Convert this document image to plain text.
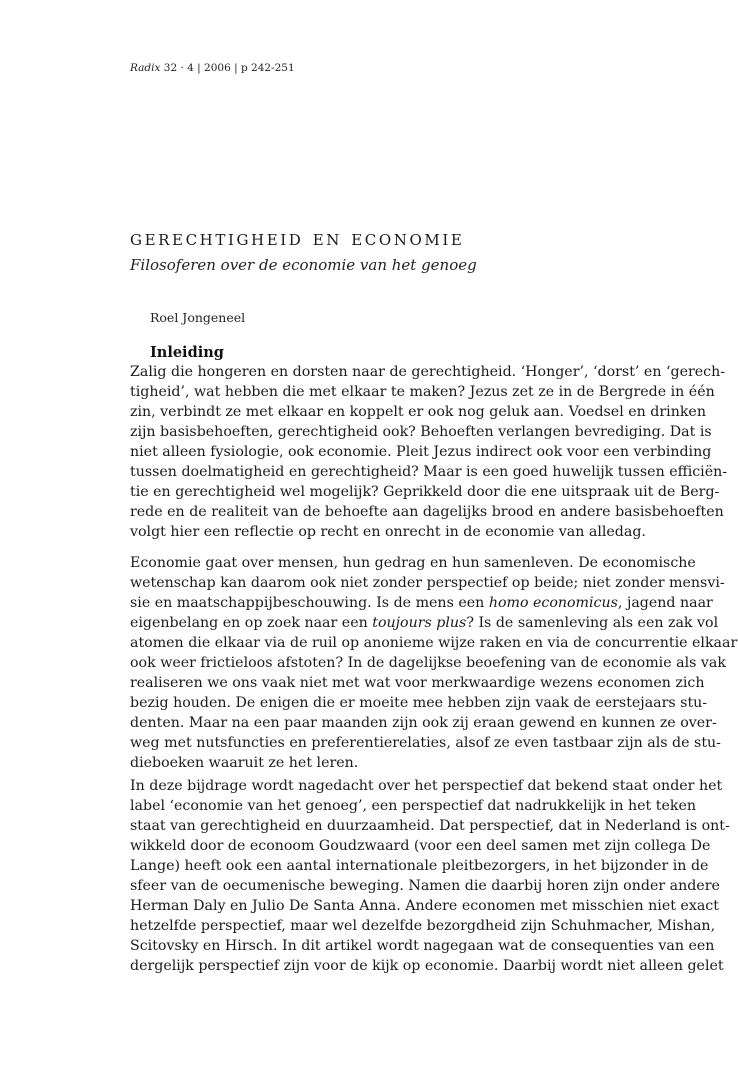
Radix 32 · 4 | 2006 | p 242-251
gerechtigheid en economie
Filosoferen over de economie van het genoeg
Roel Jongeneel
Inleiding
Zalig die hongeren en dorsten naar de gerechtigheid. ‘Honger’, ‘dorst’ en ‘gerech-
tigheid’, wat hebben die met elkaar te maken? Jezus zet ze in de Bergrede in één
zin, verbindt ze met elkaar en koppelt er ook nog geluk aan. Voedsel en drinken
zijn basisbehoeften, gerechtigheid ook? Behoeften verlangen bevrediging. Dat is
niet alleen fysiologie, ook economie. Pleit Jezus indirect ook voor een verbinding
tussen doelmatigheid en gerechtigheid? Maar is een goed huwelijk tussen efficiën-
tie en gerechtigheid wel mogelijk? Geprikkeld door die ene uitspraak uit de Berg-
rede en de realiteit van de behoefte aan dagelijks brood en andere basisbehoeften
volgt hier een reflectie op recht en onrecht in de economie van alledag.
Economie gaat over mensen, hun gedrag en hun samenleven. De economische
wetenschap kan daarom ook niet zonder perspectief op beide; niet zonder mensvi-
sie en maatschappijbeschouwing. Is de mens een homo economicus, jagend naar
eigenbelang en op zoek naar een toujours plus? Is de samenleving als een zak vol
atomen die elkaar via de ruil op anonieme wijze raken en via de concurrentie elkaar
ook weer frictieloos afstoten? In de dagelijkse beoefening van de economie als vak
realiseren we ons vaak niet met wat voor merkwaardige wezens economen zich
bezig houden. De enigen die er moeite mee hebben zijn vaak de eerstejaars stu-
denten. Maar na een paar maanden zijn ook zij eraan gewend en kunnen ze over-
weg met nutsfuncties en preferentierelaties, alsof ze even tastbaar zijn als de stu-
dieboeken waaruit ze het leren.
In deze bijdrage wordt nagedacht over het perspectief dat bekend staat onder het
label ‘economie van het genoeg’, een perspectief dat nadrukkelijk in het teken
staat van gerechtigheid en duurzaamheid. Dat perspectief, dat in Nederland is ont-
wikkeld door de econoom Goudzwaard (voor een deel samen met zijn collega De
Lange) heeft ook een aantal internationale pleitbezorgers, in het bijzonder in de
sfeer van de oecumenische beweging. Namen die daarbij horen zijn onder andere
Herman Daly en Julio De Santa Anna. Andere economen met misschien niet exact
hetzelfde perspectief, maar wel dezelfde bezorgdheid zijn Schuhmacher, Mishan,
Scitovsky en Hirsch. In dit artikel wordt nagegaan wat de consequenties van een
dergelijk perspectief zijn voor de kijk op economie. Daarbij wordt niet alleen gelet
